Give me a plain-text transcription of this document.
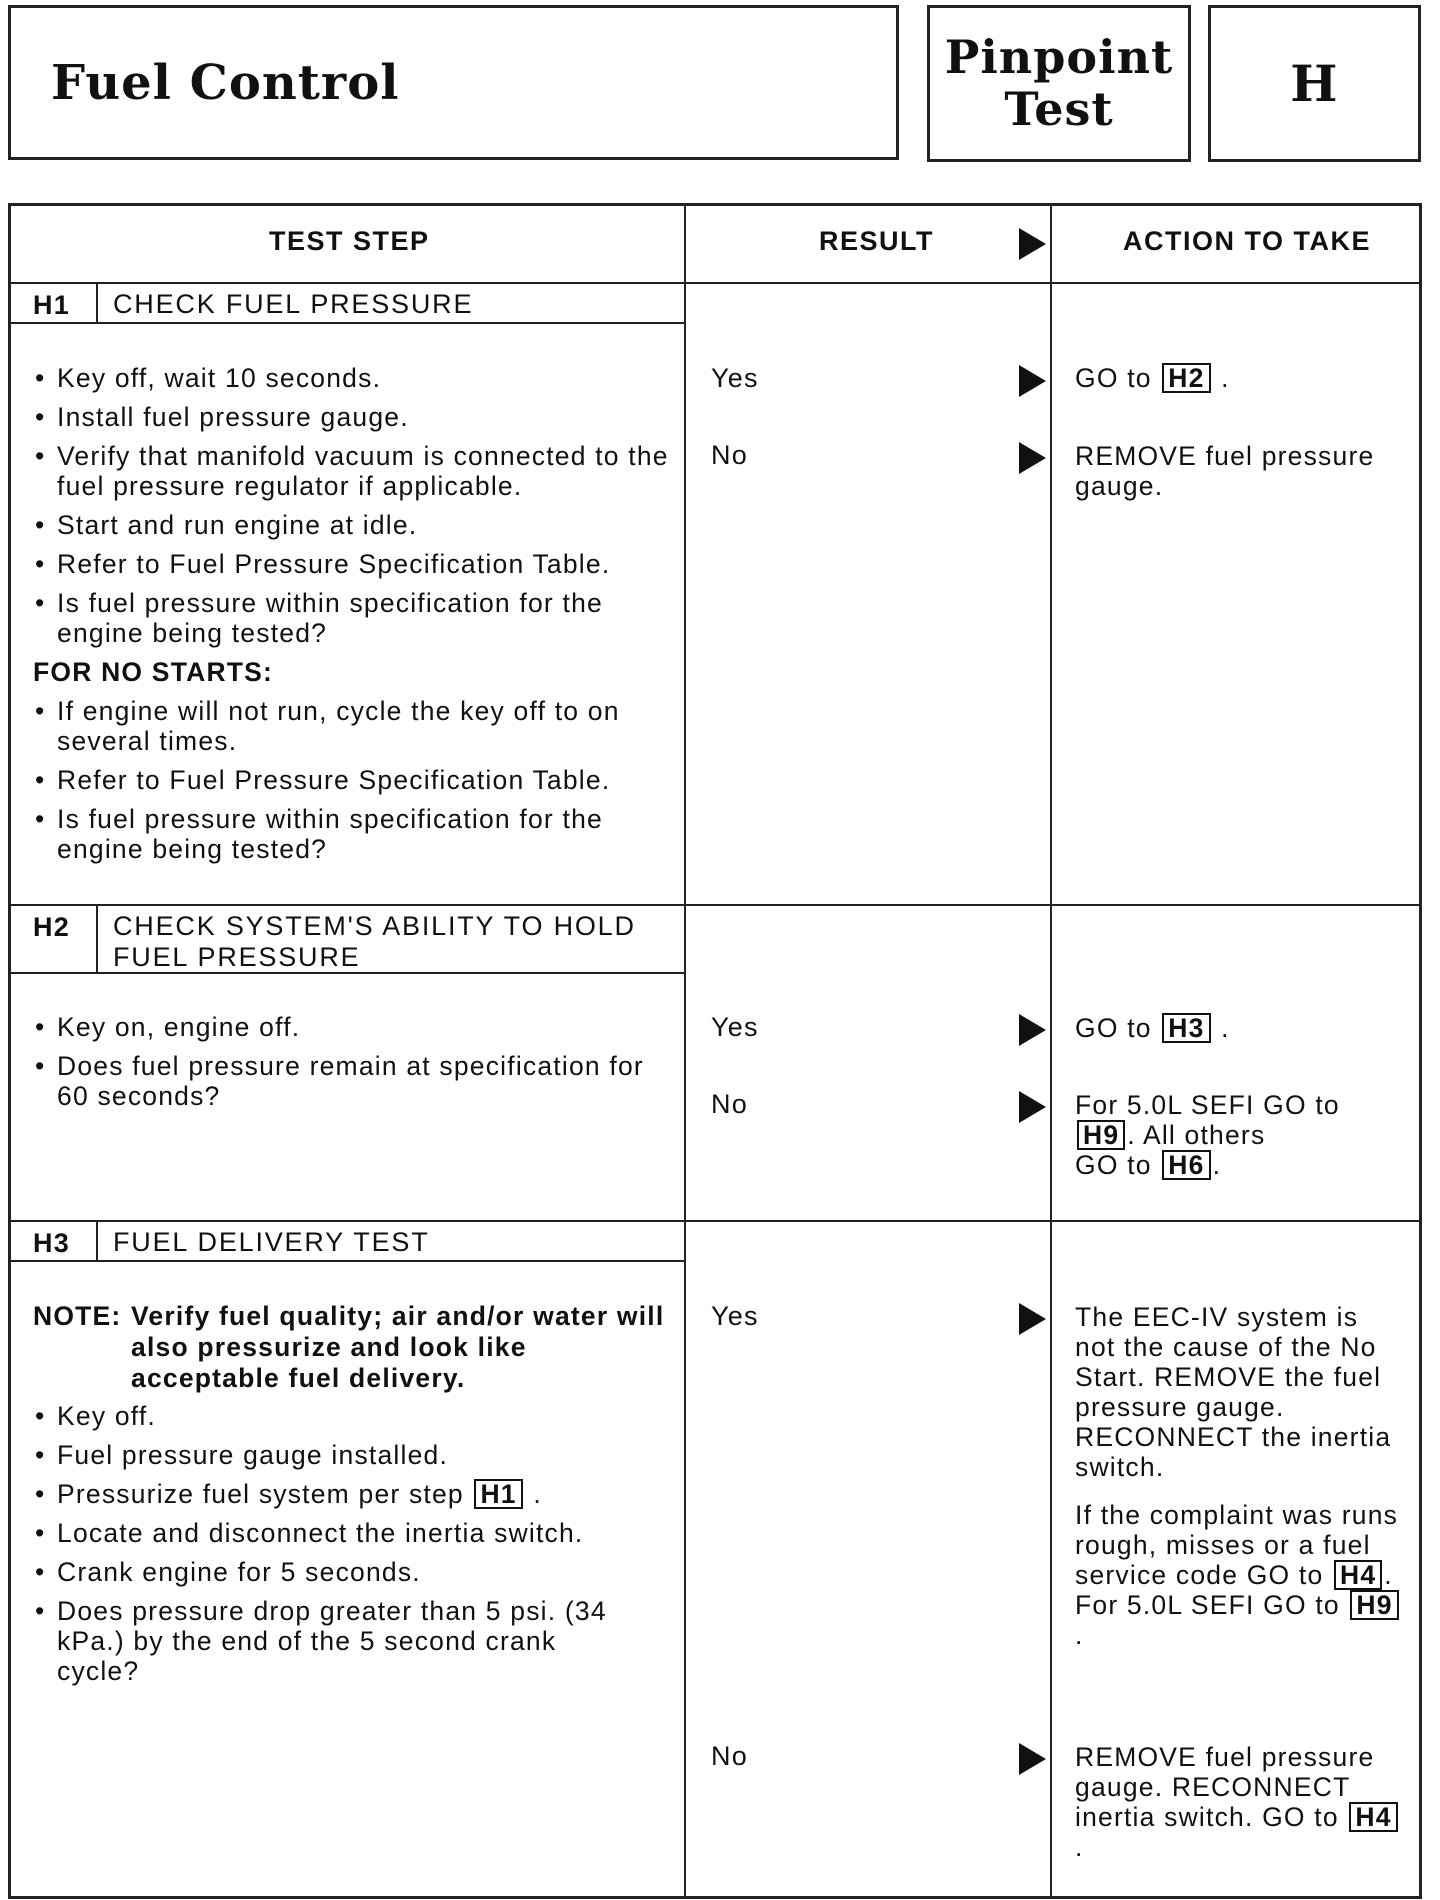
Fuel Control	Pinpoint
Test	H
TEST STEP	RESULT	ACTION TO TAKE
H1 CHECK FUEL PRESSURE
• Key off, wait 10 seconds.
• Install fuel pressure gauge.
• Verify that manifold vacuum is connected to the fuel pressure regulator if applicable.
• Start and run engine at idle.
• Refer to Fuel Pressure Specification Table.
• Is fuel pressure within specification for the engine being tested?
FOR NO STARTS:
• If engine will not run, cycle the key off to on several times.
• Refer to Fuel Pressure Specification Table.
• Is fuel pressure within specification for the engine being tested?
Yes	GO to H2 .
No	REMOVE fuel pressure gauge.
H2 CHECK SYSTEM'S ABILITY TO HOLD FUEL PRESSURE
• Key on, engine off.
• Does fuel pressure remain at specification for 60 seconds?
Yes	GO to H3 .
No	For 5.0L SEFI GO to H9 . All others
GO to H6 .
H3 FUEL DELIVERY TEST
NOTE: Verify fuel quality; air and/or water will also pressurize and look like acceptable fuel delivery.
• Key off.
• Fuel pressure gauge installed.
• Pressurize fuel system per step H1 .
• Locate and disconnect the inertia switch.
• Crank engine for 5 seconds.
• Does pressure drop greater than 5 psi. (34 kPa.) by the end of the 5 second crank cycle?
Yes	The EEC-IV system is not the cause of the No Start. REMOVE the fuel pressure gauge. RECONNECT the inertia switch.

If the complaint was runs rough, misses or a fuel service code GO to H4 . For 5.0L SEFI GO to H9.

No	REMOVE fuel pressure gauge. RECONNECT inertia switch. GO to H4 .
